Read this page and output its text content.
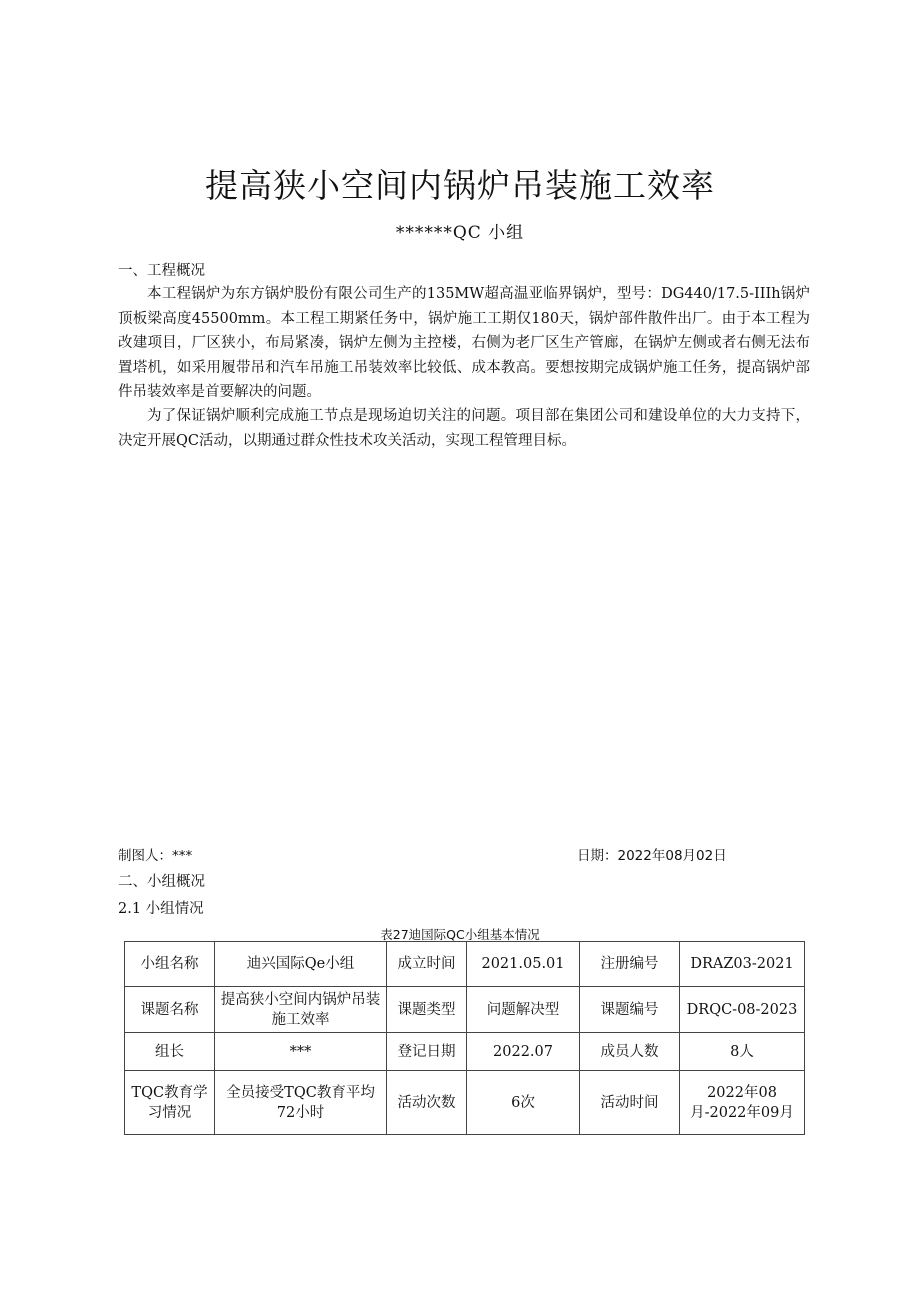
提高狭小空间内锅炉吊装施工效率
******QC 小组
一、工程概况
本工程锅炉为东方锅炉股份有限公司生产的135MW超高温亚临界锅炉，型号：DG440/17.5-IIIh锅炉顶板梁高度45500mm。本工程工期紧任务中，锅炉施工工期仅180天，锅炉部件散件出厂。由于本工程为改建项目，厂区狭小，布局紧凑，锅炉左侧为主控楼，右侧为老厂区生产管廊，在锅炉左侧或者右侧无法布置塔机，如采用履带吊和汽车吊施工吊装效率比较低、成本教高。要想按期完成锅炉施工任务，提高锅炉部件吊装效率是首要解决的问题。
为了保证锅炉顺利完成施工节点是现场迫切关注的问题。项目部在集团公司和建设单位的大力支持下，决定开展QC活动，以期通过群众性技术攻关活动，实现工程管理目标。
制图人：***	日期：2022年08月02日
二、小组概况
2.1 小组情况
表27迪国际QC小组基本情况
小组名称	迪兴国际Qe小组	成立时间	2021.05.01	注册编号	DRAZ03-2021
课题名称	提高狭小空间内锅炉吊装施工效率	课题类型	问题解决型	课题编号	DRQC-08-2023
组长	***	登记日期	2022.07	成员人数	8人
TQC教育学习情况	全员接受TQC教育平均72小时	活动次数	6次	活动时间	2022年08月-2022年09月
